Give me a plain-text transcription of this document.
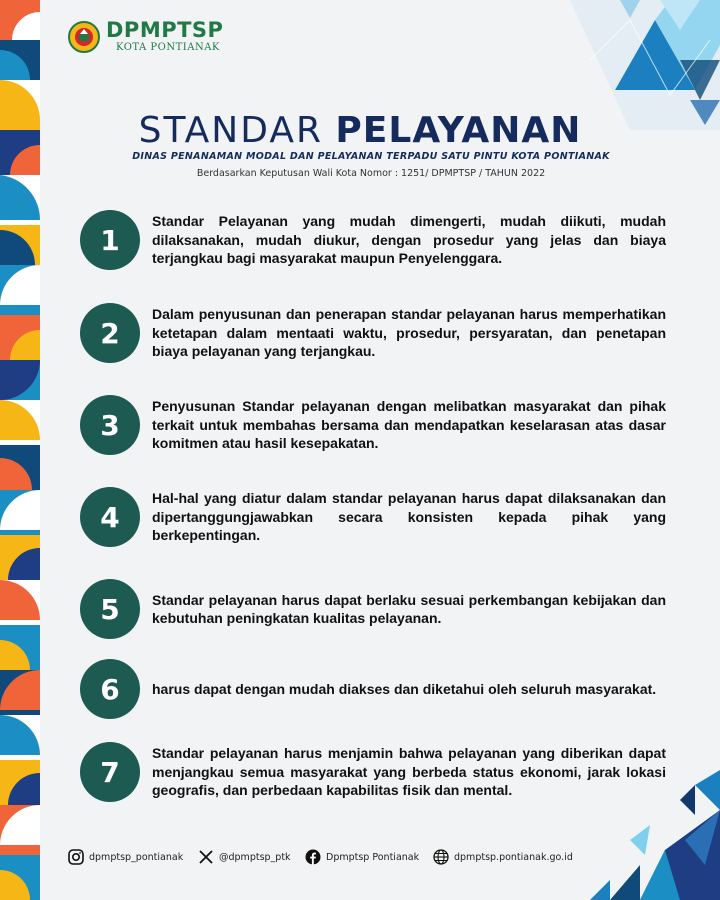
DPMPTSP
KOTA PONTIANAK
STANDAR PELAYANAN
DINAS PENANAMAN MODAL DAN PELAYANAN TERPADU SATU PINTU KOTA PONTIANAK
Berdasarkan Keputusan Wali Kota Nomor : 1251/ DPMPTSP / TAHUN 2022
1
Standar Pelayanan yang mudah dimengerti, mudah diikuti, mudah dilaksanakan, mudah diukur, dengan prosedur yang jelas dan biaya terjangkau bagi masyarakat maupun Penyelenggara.
2
Dalam penyusunan dan penerapan standar pelayanan harus memperhatikan ketetapan dalam mentaati waktu, prosedur, persyaratan, dan penetapan biaya pelayanan yang terjangkau.
3
Penyusunan Standar pelayanan dengan melibatkan masyarakat dan pihak terkait untuk membahas bersama dan mendapatkan keselarasan atas dasar komitmen atau hasil kesepakatan.
4
Hal-hal yang diatur dalam standar pelayanan harus dapat dilaksanakan dan dipertanggungjawabkan secara konsisten kepada pihak yang berkepentingan.
5	Standar pelayanan harus dapat berlaku sesuai perkembangan kebijakan dan kebutuhan peningkatan kualitas pelayanan.
6	harus dapat dengan mudah diakses dan diketahui oleh seluruh masyarakat.
7
Standar pelayanan harus menjamin bahwa pelayanan yang diberikan dapat menjangkau semua masyarakat yang berbeda status ekonomi, jarak lokasi geografis, dan perbedaan kapabilitas fisik dan mental.
dpmptsp_pontianak	@dpmptsp_ptk	Dpmptsp Pontianak	dpmptsp.pontianak.go.id
